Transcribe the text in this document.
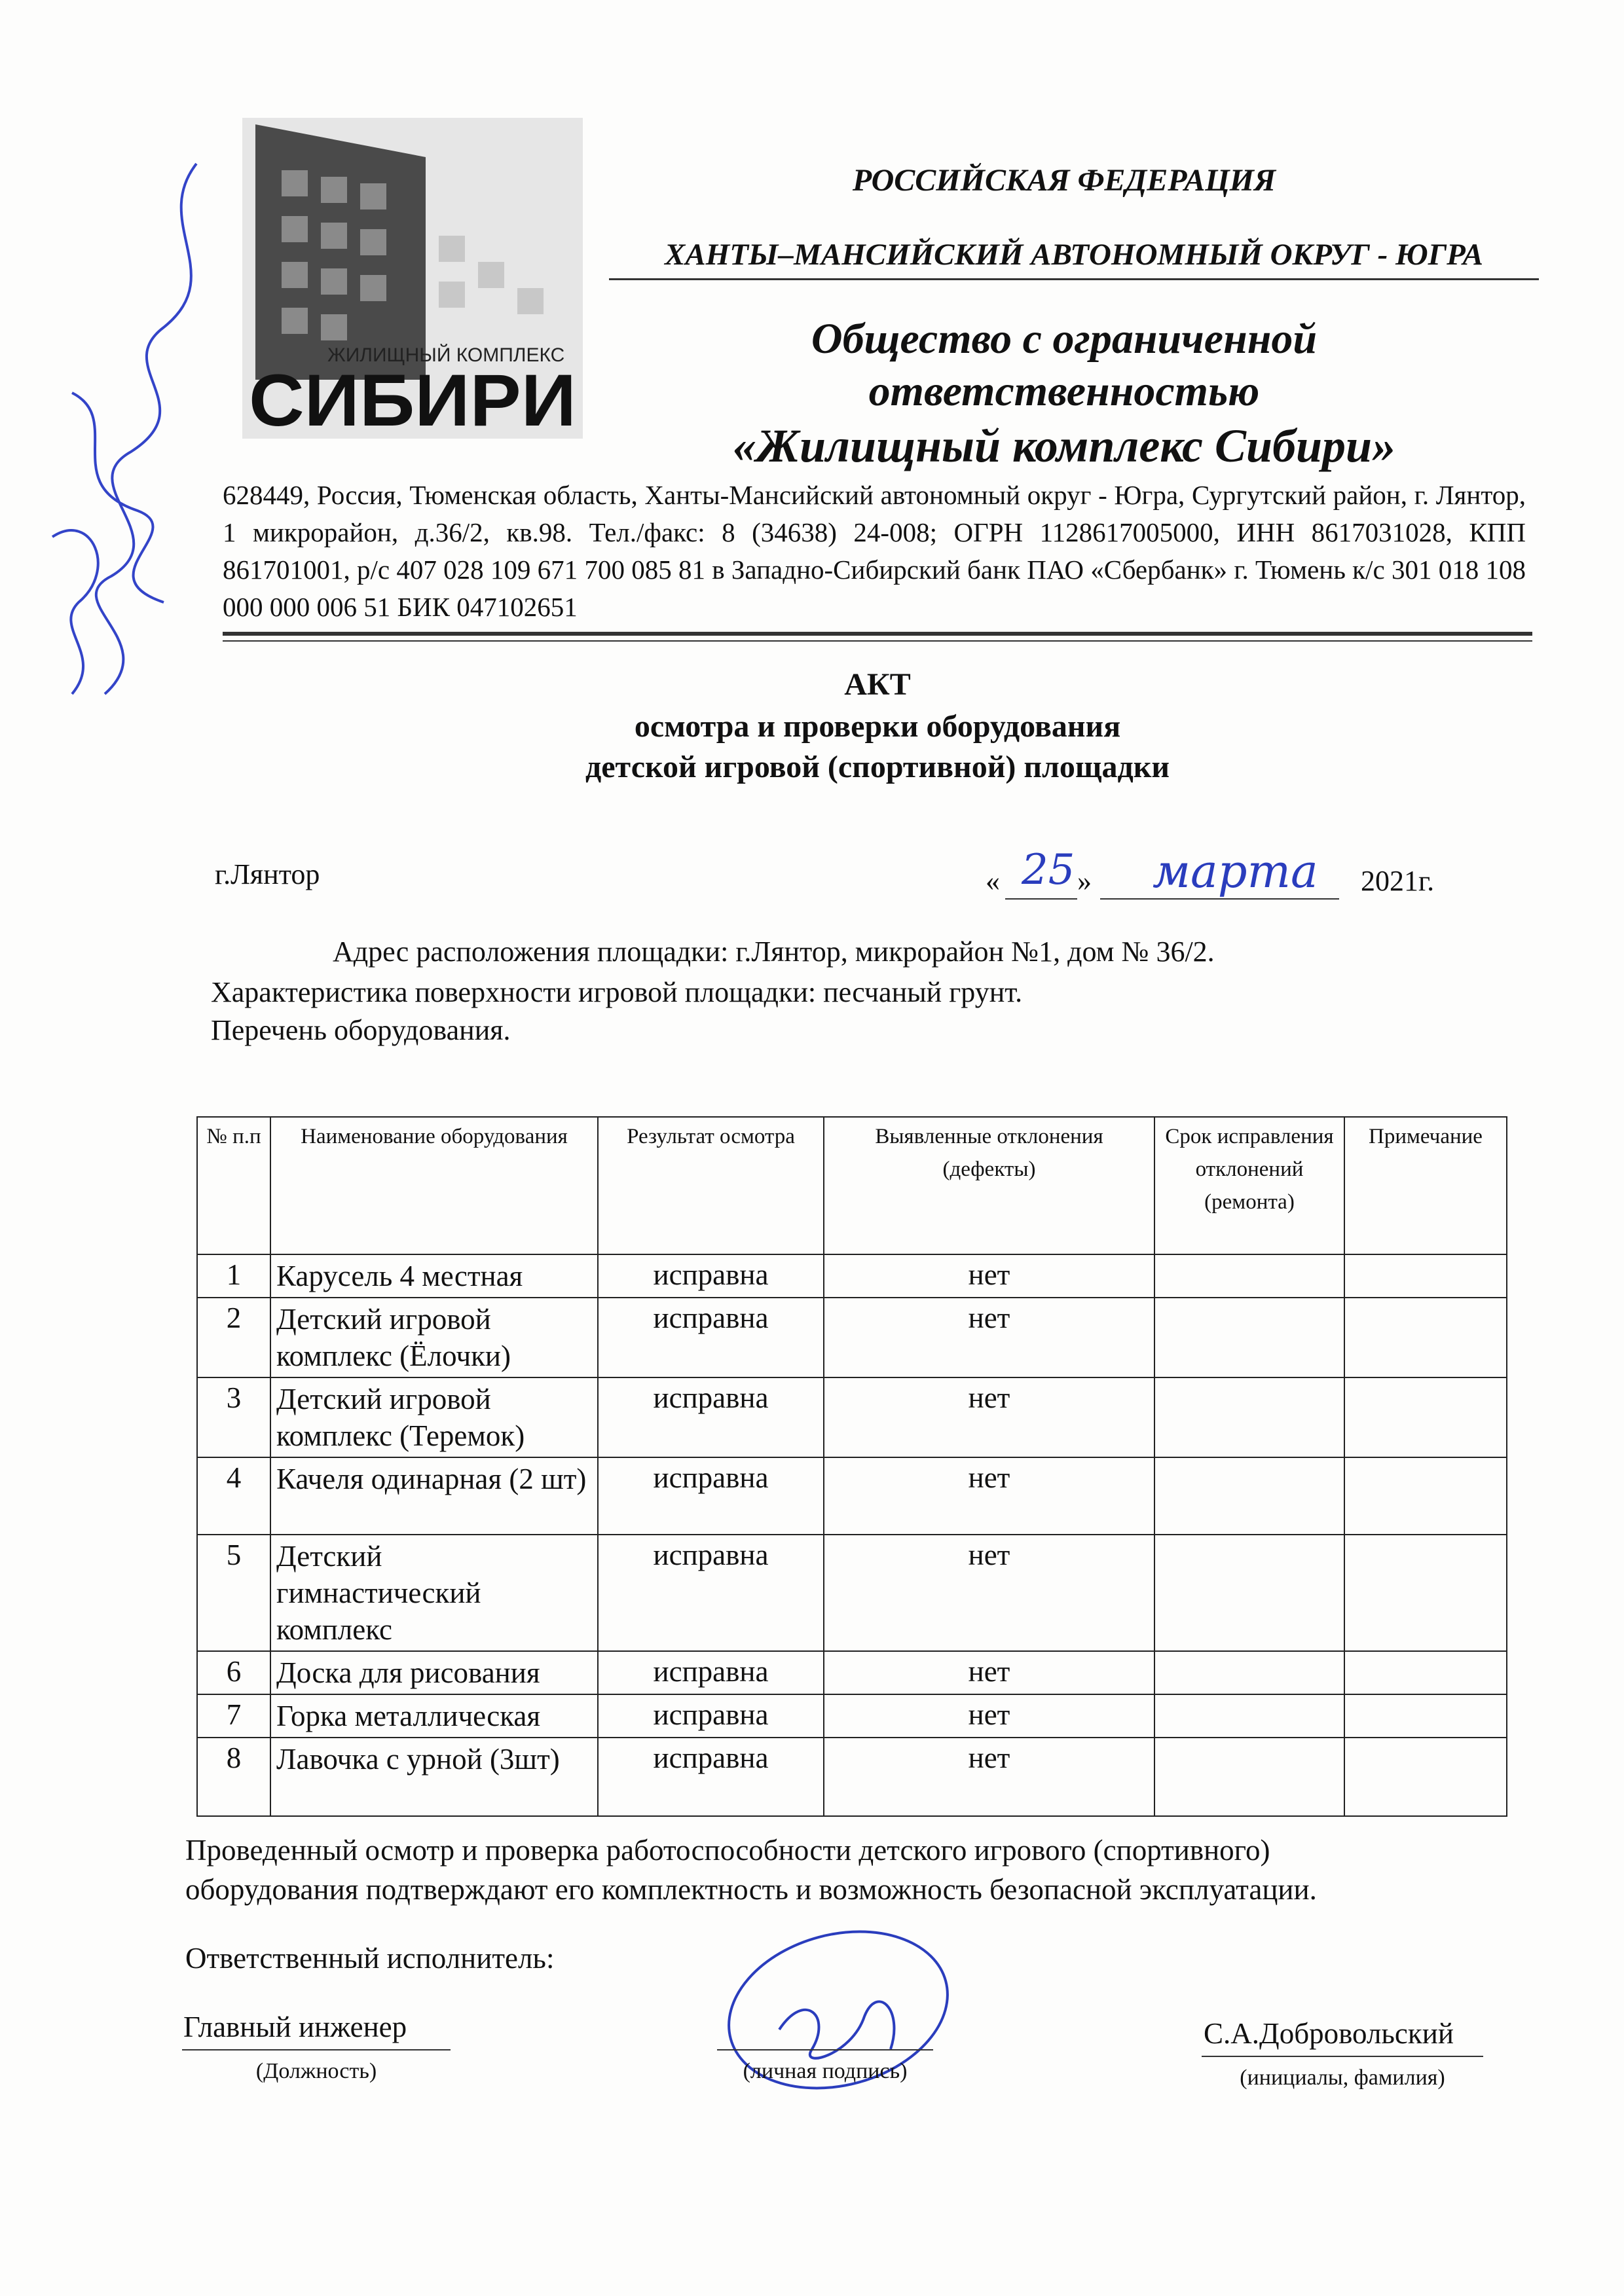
ЖИЛИЩНЫЙ КОМПЛЕКС
СИБИРИ
РОССИЙСКАЯ ФЕДЕРАЦИЯ
ХАНТЫ–МАНСИЙСКИЙ АВТОНОМНЫЙ ОКРУГ - ЮГРА
Общество с ограниченной
ответственностью
«Жилищный комплекс Сибири»
628449, Россия, Тюменская область, Ханты-Мансийский автономный округ - Югра, Сургутский район, г. Лянтор, 1 микрорайон, д.36/2, кв.98. Тел./факс: 8 (34638) 24-008; ОГРН 1128617005000, ИНН 8617031028, КПП 861701001, р/с 407 028 109 671 700 085 81 в Западно-Сибирский банк ПАО «Сбербанк» г. Тюмень к/с 301 018 108 000 000 006 51 БИК 047102651
АКТ
осмотра и проверки оборудования
детской игровой (спортивной) площадки
г.Лянтор	« 25 » марта 2021г.
Адрес расположения площадки: г.Лянтор, микрорайон №1, дом № 36/2.
Характеристика поверхности игровой площадки: песчаный грунт.
Перечень оборудования.
№ п.п	Наименование оборудования	Результат осмотра	Выявленные отклонения (дефекты)	Срок исправления отклонений (ремонта)	Примечание
1	Карусель 4 местная	исправна	нет		
2	Детский игровой комплекс (Ёлочки)	исправна	нет		
3	Детский игровой комплекс (Теремок)	исправна	нет		
4	Качеля одинарная (2 шт)	исправна	нет		
5	Детский гимнастический комплекс	исправна	нет		
6	Доска для рисования	исправна	нет		
7	Горка металлическая	исправна	нет		
8	Лавочка с урной (3шт)	исправна	нет		
Проведенный осмотр и проверка работоспособности детского игрового (спортивного)
оборудования подтверждают его комплектность и возможность безопасной эксплуатации.
Ответственный исполнитель:
Главный инженер
(Должность)	(личная подпись)
С.А.Добровольский
(инициалы, фамилия)
